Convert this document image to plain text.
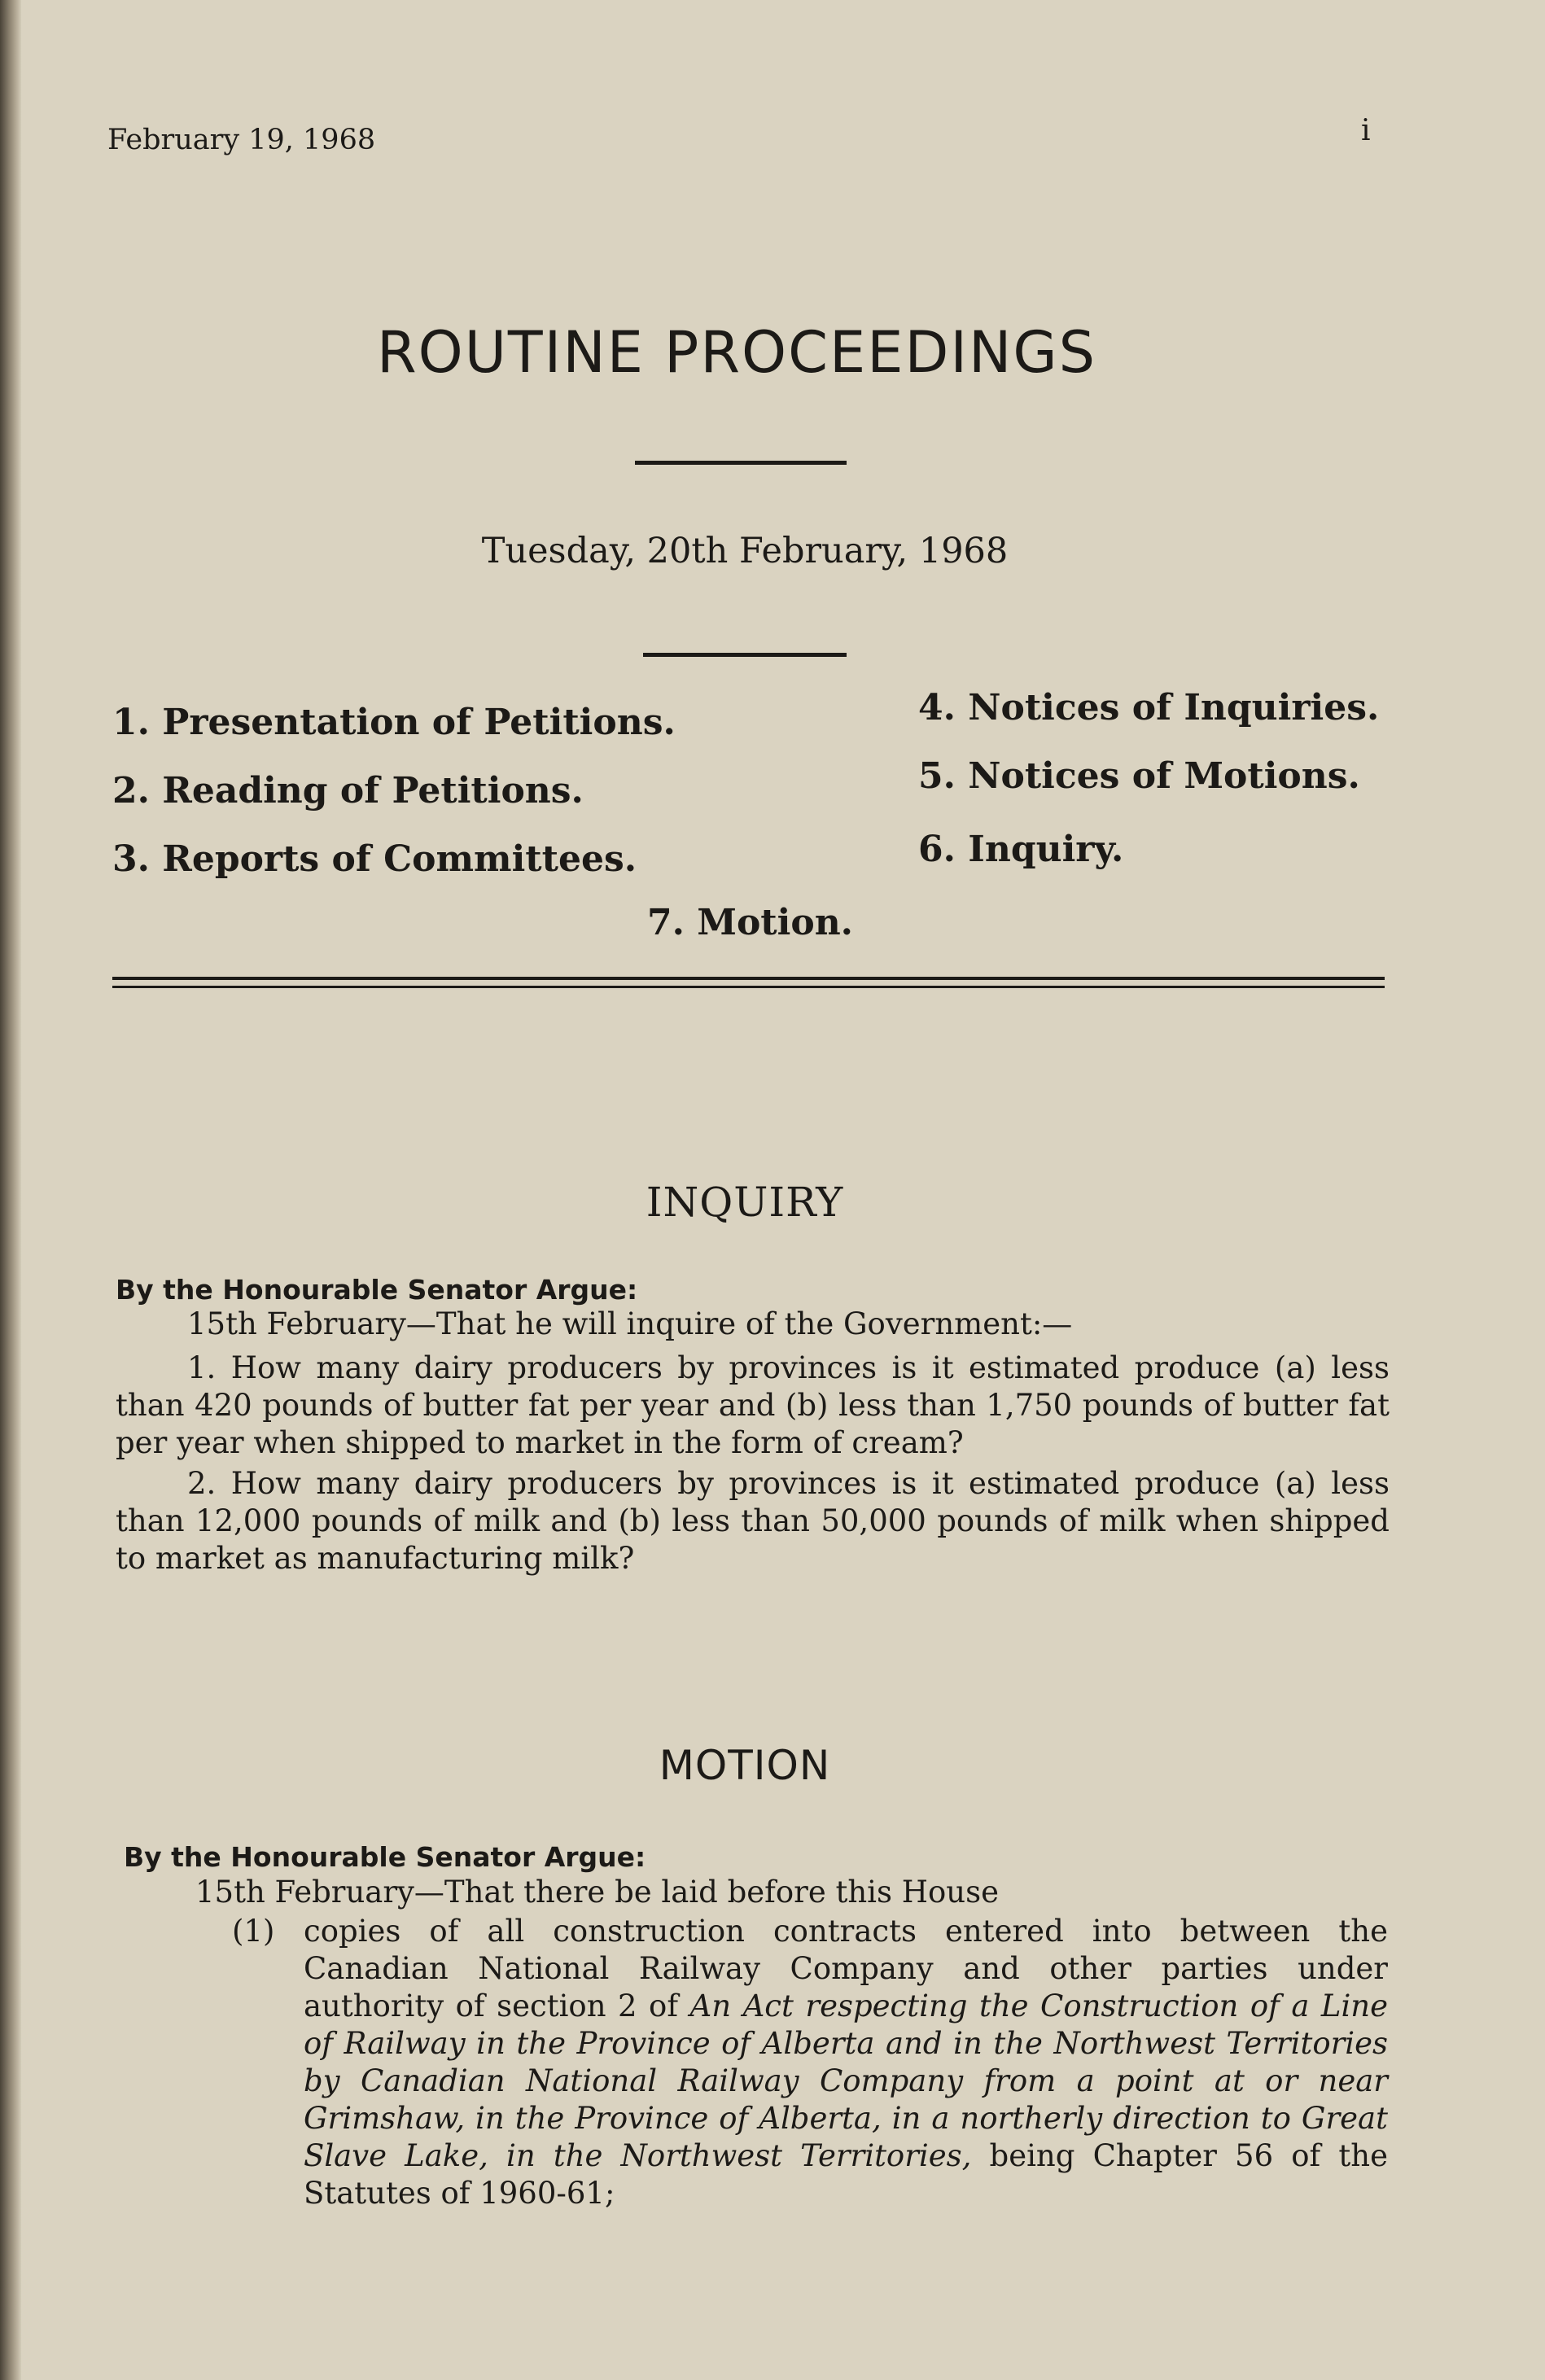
February 19, 1968	i
ROUTINE PROCEEDINGS
Tuesday, 20th February, 1968
1. Presentation of Petitions.
2. Reading of Petitions.
3. Reports of Committees.
4. Notices of Inquiries.
5. Notices of Motions.
6. Inquiry.
7. Motion.
INQUIRY
By the Honourable Senator Argue:
15th February—That he will inquire of the Government:—
1. How many dairy producers by provinces is it estimated produce (a) less than 420 pounds of butter fat per year and (b) less than 1,750 pounds of butter fat per year when shipped to market in the form of cream?
2. How many dairy producers by provinces is it estimated produce (a) less than 12,000 pounds of milk and (b) less than 50,000 pounds of milk when shipped to market as manufacturing milk?
MOTION
By the Honourable Senator Argue:
15th February—That there be laid before this House
(1) copies of all construction contracts entered into between the Canadian National Railway Company and other parties under authority of section 2 of An Act respecting the Construction of a Line of Railway in the Province of Alberta and in the Northwest Territories by Canadian National Railway Company from a point at or near Grimshaw, in the Province of Alberta, in a northerly direction to Great Slave Lake, in the Northwest Territories, being Chapter 56 of the Statutes of 1960-61;
